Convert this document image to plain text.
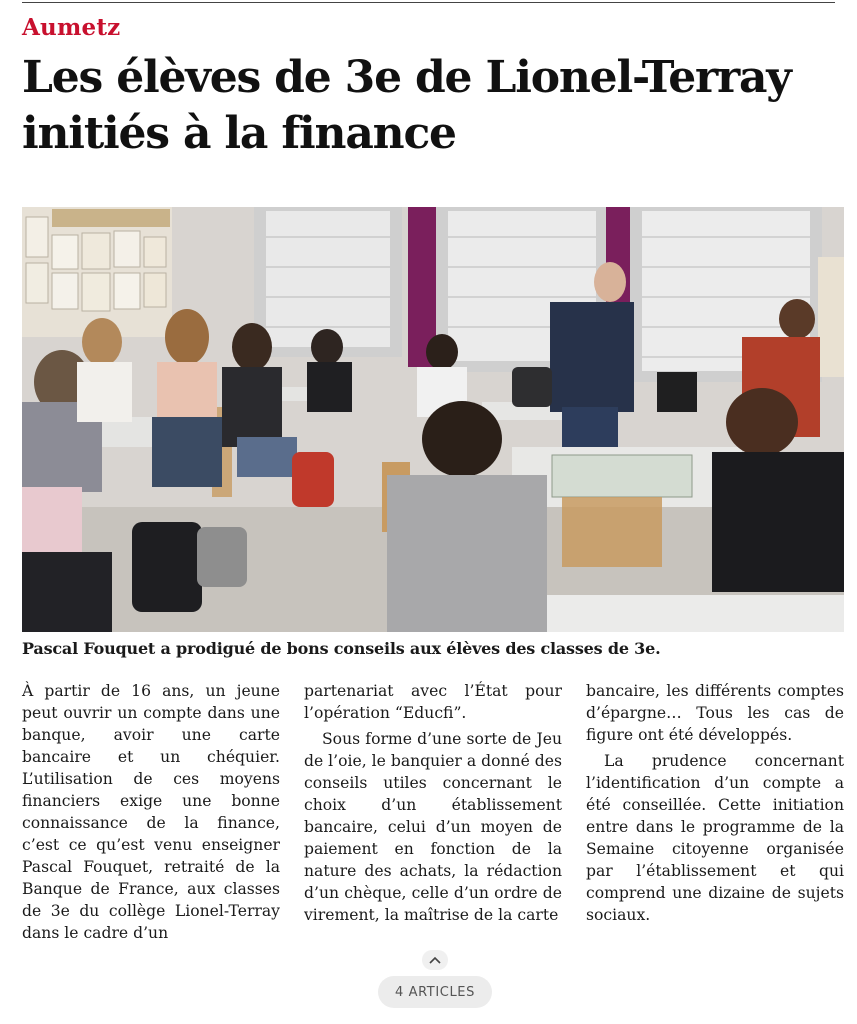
Aumetz
Les élèves de 3e de Lionel-Terray initiés à la finance
Pascal Fouquet a prodigué de bons conseils aux élèves des classes de 3e.

À partir de 16 ans, un jeune peut ouvrir un compte dans une banque, avoir une carte bancaire et un chéquier. L’utilisation de ces moyens financiers exige une bonne connaissance de la finance, c’est ce qu’est venu enseigner Pascal Fouquet, retraité de la Banque de France, aux classes de 3e du collège Lionel-Terray dans le cadre d’un

partenariat avec l’État pour l’opération “Educfi”.

Sous forme d’une sorte de Jeu de l’oie, le banquier a donné des conseils utiles concernant le choix d’un établissement bancaire, celui d’un moyen de paiement en fonction de la nature des achats, la rédaction d’un chèque, celle d’un ordre de virement, la maîtrise de la carte

bancaire, les différents comptes d’épargne… Tous les cas de figure ont été développés.

La prudence concernant l’identification d’un compte a été conseillée. Cette initiation entre dans le programme de la Semaine citoyenne organisée par l’établissement et qui comprend une dizaine de sujets sociaux.

4 ARTICLES
